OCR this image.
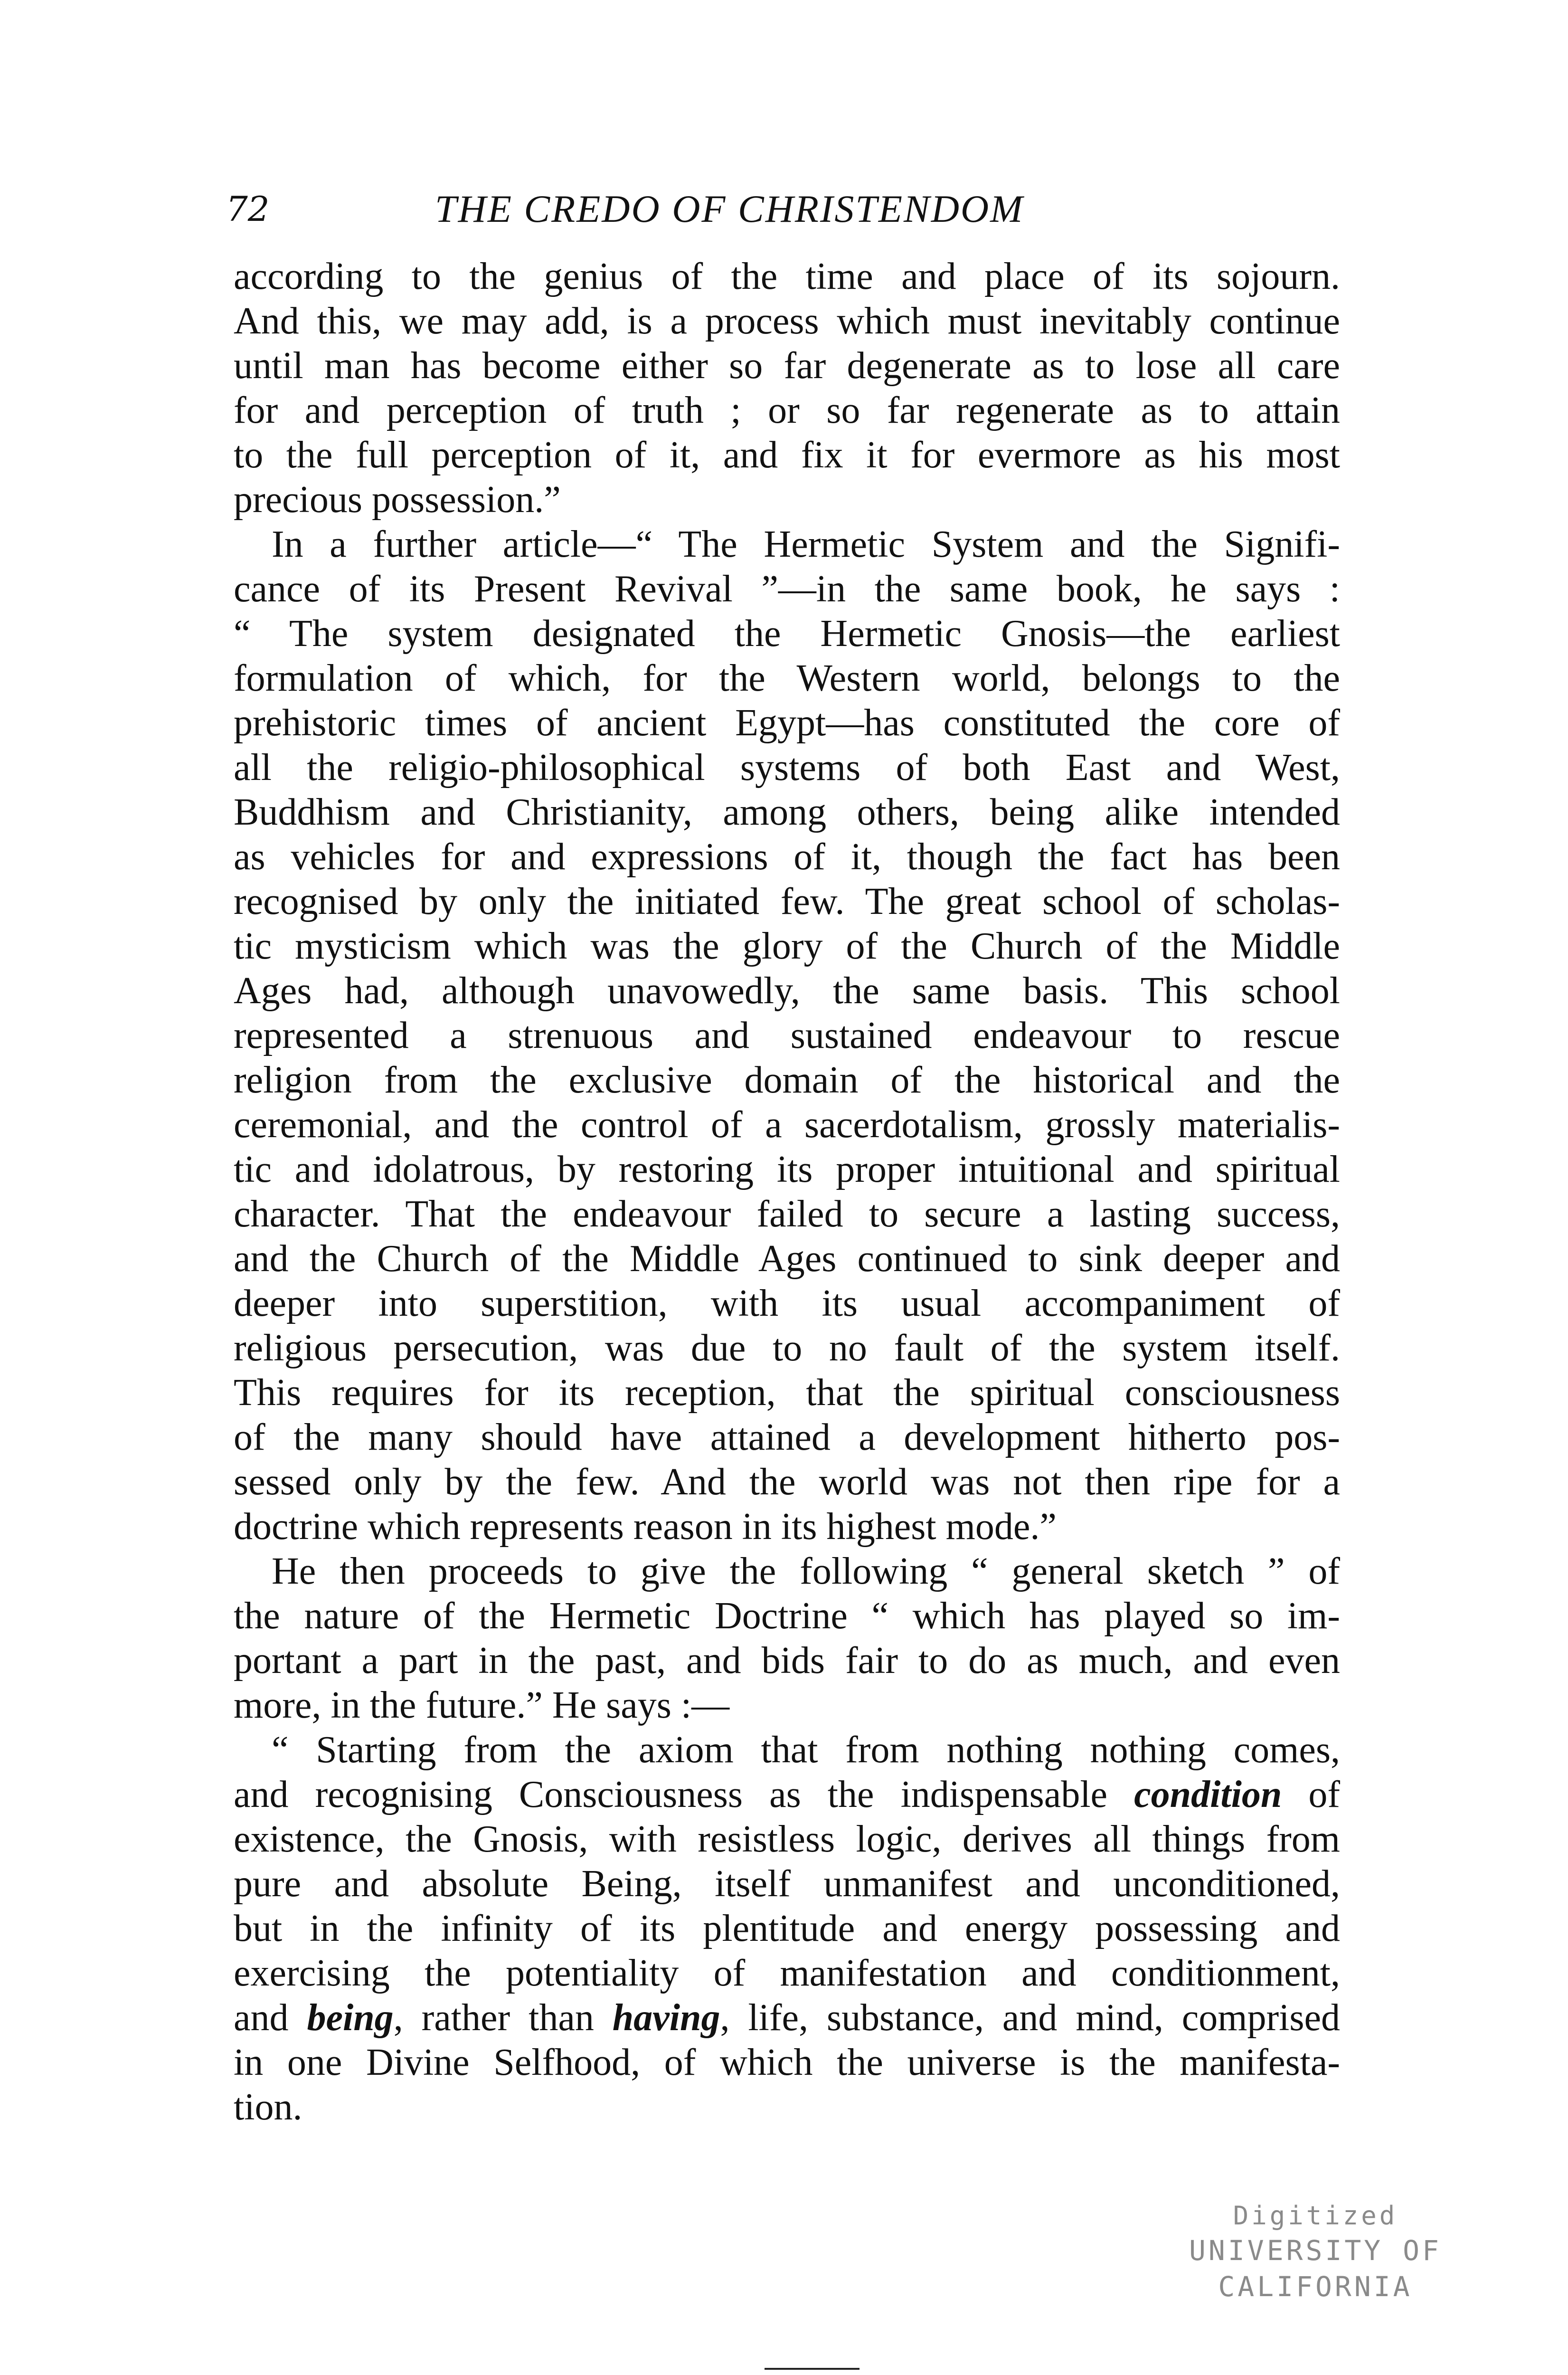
72	THE CREDO OF CHRISTENDOM
according to the genius of the time and place of its sojourn.
And this, we may add, is a process which must inevitably continue
until man has become either so far degenerate as to lose all care
for and perception of truth ; or so far regenerate as to attain
to the full perception of it, and fix it for evermore as his most
precious possession.”
In a further article—“ The Hermetic System and the Signifi-
cance of its Present Revival ”—in the same book, he says :
“ The system designated the Hermetic Gnosis—the earliest
formulation of which, for the Western world, belongs to the
prehistoric times of ancient Egypt—has constituted the core of
all the religio-philosophical systems of both East and West,
Buddhism and Christianity, among others, being alike intended
as vehicles for and expressions of it, though the fact has been
recognised by only the initiated few. The great school of scholas-
tic mysticism which was the glory of the Church of the Middle
Ages had, although unavowedly, the same basis. This school
represented a strenuous and sustained endeavour to rescue
religion from the exclusive domain of the historical and the
ceremonial, and the control of a sacerdotalism, grossly materialis-
tic and idolatrous, by restoring its proper intuitional and spiritual
character. That the endeavour failed to secure a lasting success,
and the Church of the Middle Ages continued to sink deeper and
deeper into superstition, with its usual accompaniment of
religious persecution, was due to no fault of the system itself.
This requires for its reception, that the spiritual consciousness
of the many should have attained a development hitherto pos-
sessed only by the few. And the world was not then ripe for a
doctrine which represents reason in its highest mode.”
He then proceeds to give the following “ general sketch ” of
the nature of the Hermetic Doctrine “ which has played so im-
portant a part in the past, and bids fair to do as much, and even
more, in the future.” He says :—
“ Starting from the axiom that from nothing nothing comes,
and recognising Consciousness as the indispensable condition of
existence, the Gnosis, with resistless logic, derives all things from
pure and absolute Being, itself unmanifest and unconditioned,
but in the infinity of its plentitude and energy possessing and
exercising the potentiality of manifestation and conditionment,
and being, rather than having, life, substance, and mind, comprised
in one Divine Selfhood, of which the universe is the manifesta-
tion.
Digitized
UNIVERSITY OF CALIFORNIA
